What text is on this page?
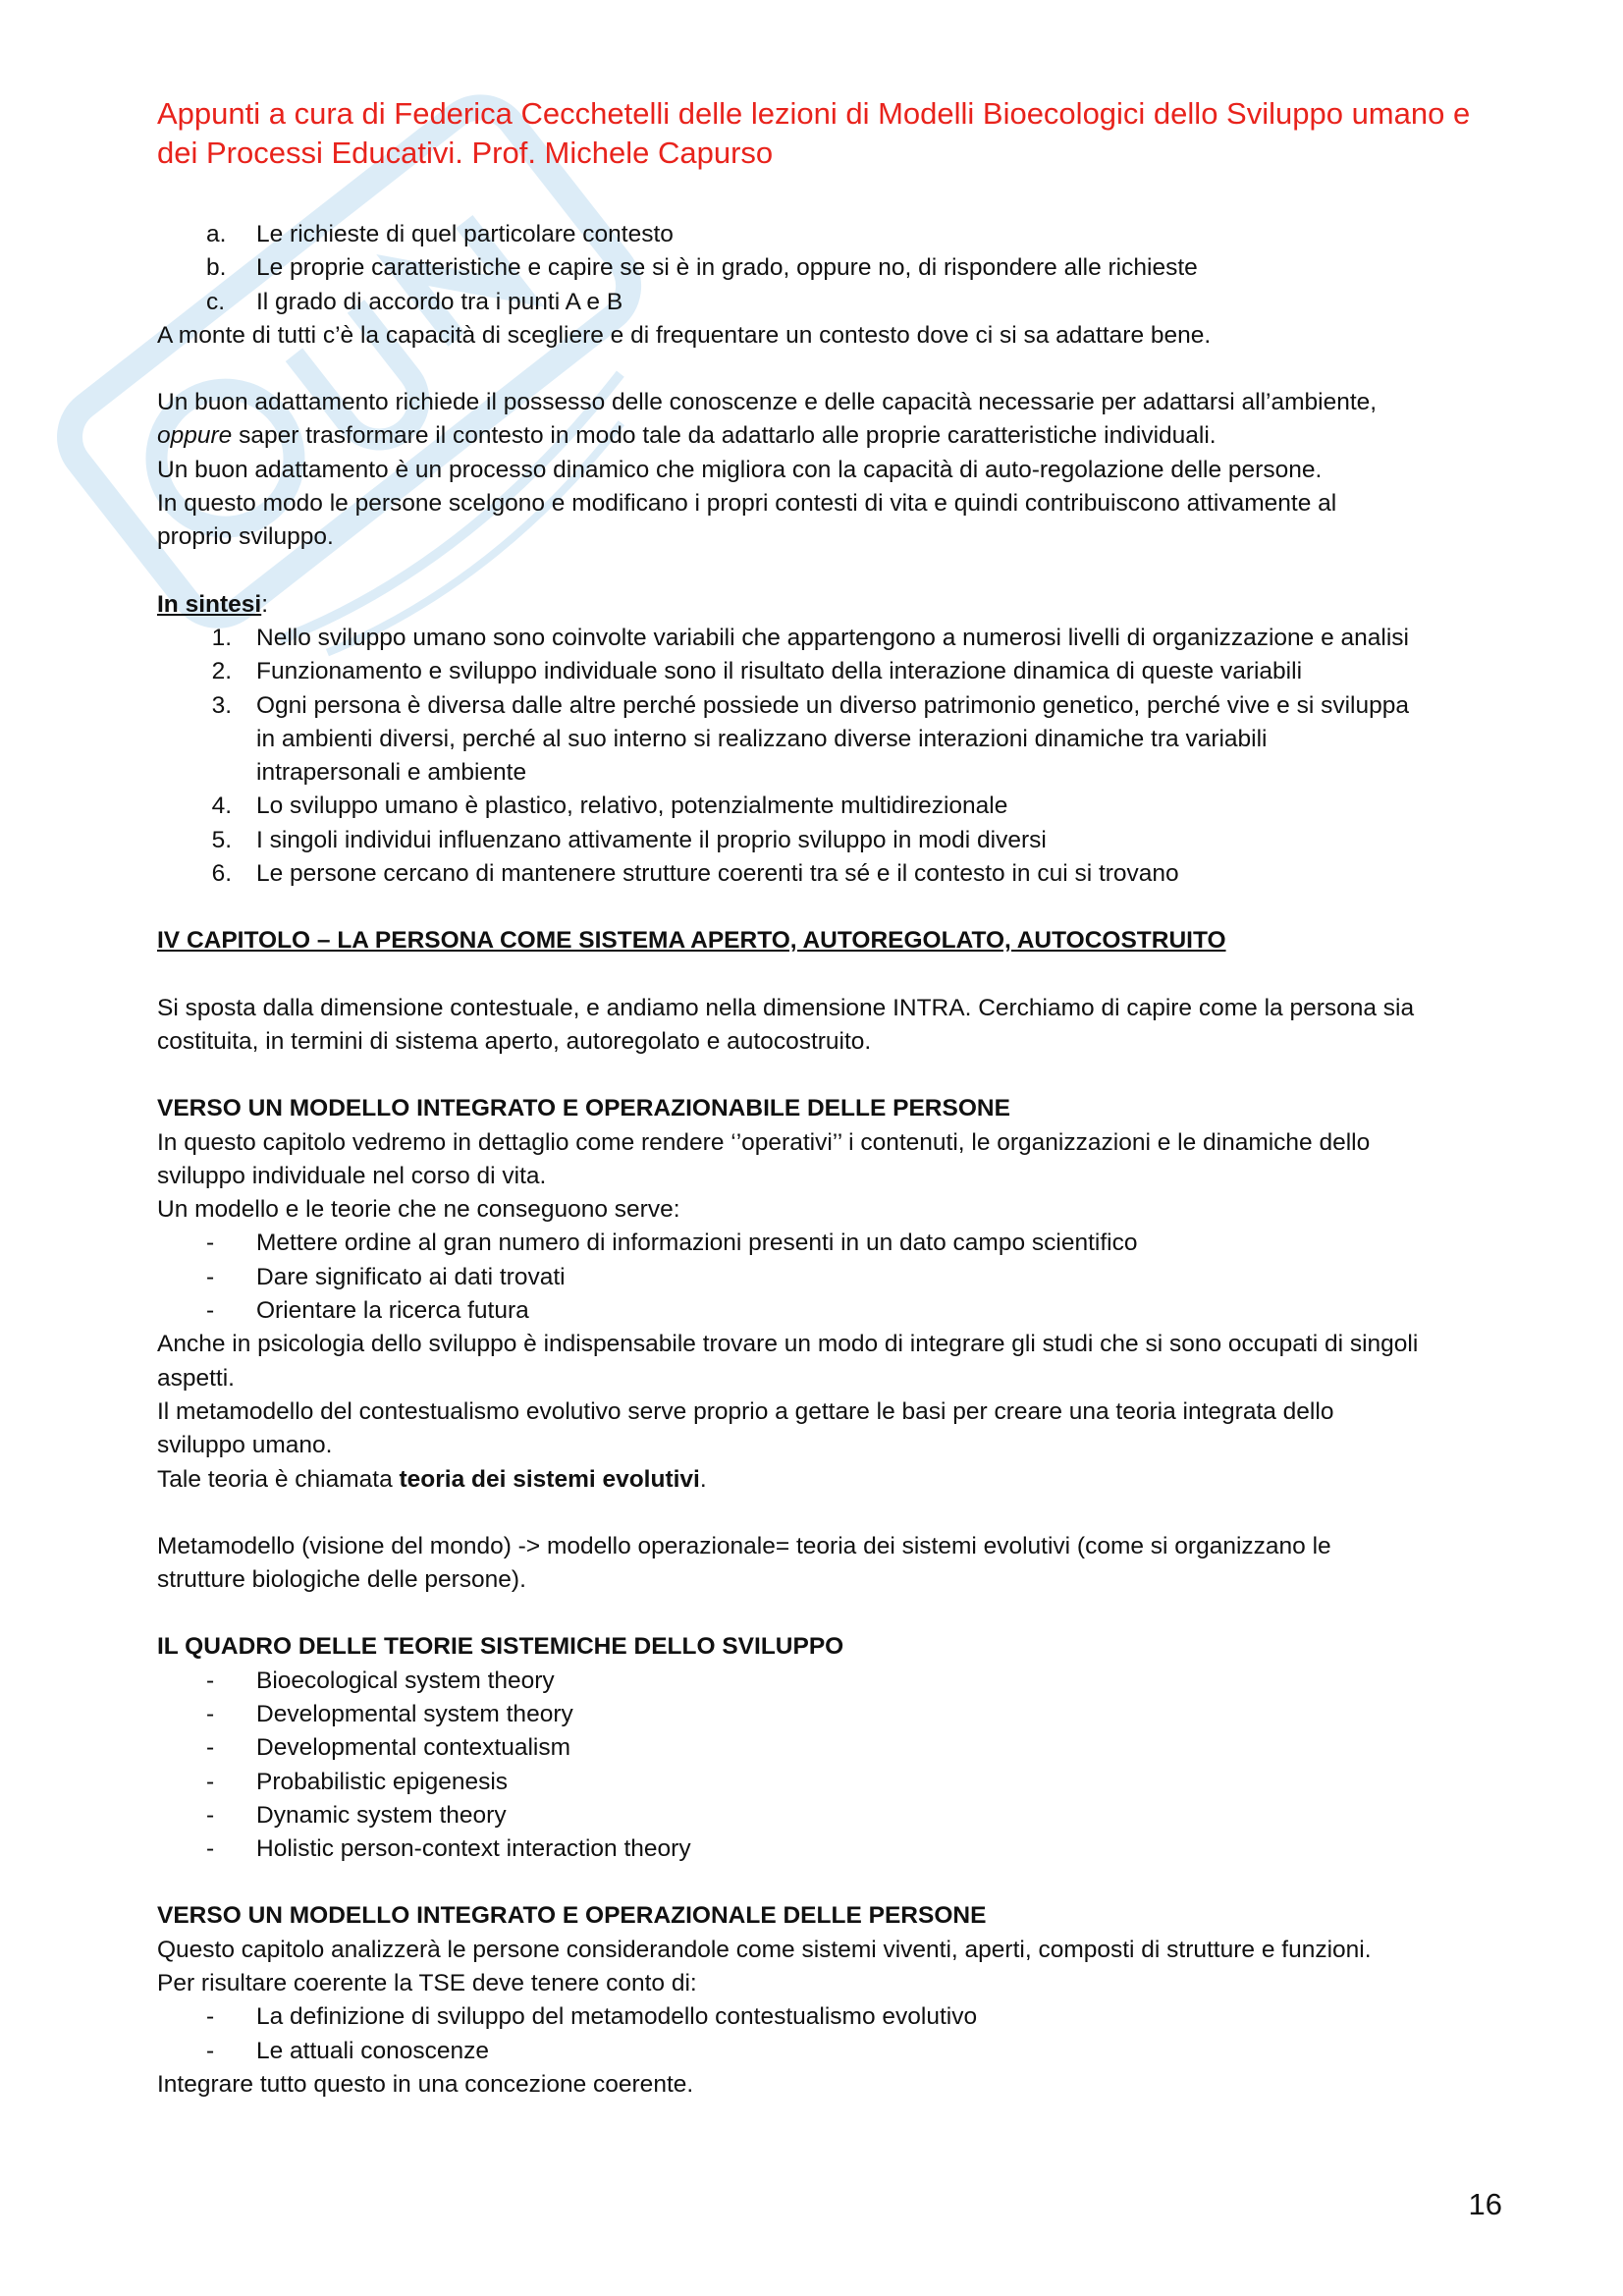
Appunti a cura di Federica Cecchetelli delle lezioni di Modelli Bioecologici dello Sviluppo umano e
dei Processi Educativi. Prof. Michele Capurso
a. Le richieste di quel particolare contesto
b. Le proprie caratteristiche e capire se si è in grado, oppure no, di rispondere alle richieste
c. Il grado di accordo tra i punti A e B

A monte di tutti c’è la capacità di scegliere e di frequentare un contesto dove ci si sa adattare bene.

Un buon adattamento richiede il possesso delle conoscenze e delle capacità necessarie per adattarsi all’ambiente,

oppure saper trasformare il contesto in modo tale da adattarlo alle proprie caratteristiche individuali.

Un buon adattamento è un processo dinamico che migliora con la capacità di auto-regolazione delle persone.

In questo modo le persone scelgono e modificano i propri contesti di vita e quindi contribuiscono attivamente al

proprio sviluppo.

In sintesi:

1. Nello sviluppo umano sono coinvolte variabili che appartengono a numerosi livelli di organizzazione e analisi
2. Funzionamento e sviluppo individuale sono il risultato della interazione dinamica di queste variabili
3. Ogni persona è diversa dalle altre perché possiede un diverso patrimonio genetico, perché vive e si sviluppa
in ambienti diversi, perché al suo interno si realizzano diverse interazioni dinamiche tra variabili
intrapersonali e ambiente
4. Lo sviluppo umano è plastico, relativo, potenzialmente multidirezionale
5. I singoli individui influenzano attivamente il proprio sviluppo in modi diversi
6. Le persone cercano di mantenere strutture coerenti tra sé e il contesto in cui si trovano

IV CAPITOLO – LA PERSONA COME SISTEMA APERTO, AUTOREGOLATO, AUTOCOSTRUITO

Si sposta dalla dimensione contestuale, e andiamo nella dimensione INTRA. Cerchiamo di capire come la persona sia

costituita, in termini di sistema aperto, autoregolato e autocostruito.

VERSO UN MODELLO INTEGRATO E OPERAZIONABILE DELLE PERSONE

In questo capitolo vedremo in dettaglio come rendere ‘’operativi’’ i contenuti, le organizzazioni e le dinamiche dello

sviluppo individuale nel corso di vita.

Un modello e le teorie che ne conseguono serve:

- Mettere ordine al gran numero di informazioni presenti in un dato campo scientifico
- Dare significato ai dati trovati
- Orientare la ricerca futura

Anche in psicologia dello sviluppo è indispensabile trovare un modo di integrare gli studi che si sono occupati di singoli

aspetti.

Il metamodello del contestualismo evolutivo serve proprio a gettare le basi per creare una teoria integrata dello

sviluppo umano.

Tale teoria è chiamata teoria dei sistemi evolutivi.

Metamodello (visione del mondo) -> modello operazionale= teoria dei sistemi evolutivi (come si organizzano le

strutture biologiche delle persone).

IL QUADRO DELLE TEORIE SISTEMICHE DELLO SVILUPPO

- Bioecological system theory
- Developmental system theory
- Developmental contextualism
- Probabilistic epigenesis
- Dynamic system theory
- Holistic person-context interaction theory

VERSO UN MODELLO INTEGRATO E OPERAZIONALE DELLE PERSONE

Questo capitolo analizzerà le persone considerandole come sistemi viventi, aperti, composti di strutture e funzioni.

Per risultare coerente la TSE deve tenere conto di:

- La definizione di sviluppo del metamodello contestualismo evolutivo
- Le attuali conoscenze

Integrare tutto questo in una concezione coerente.

16
